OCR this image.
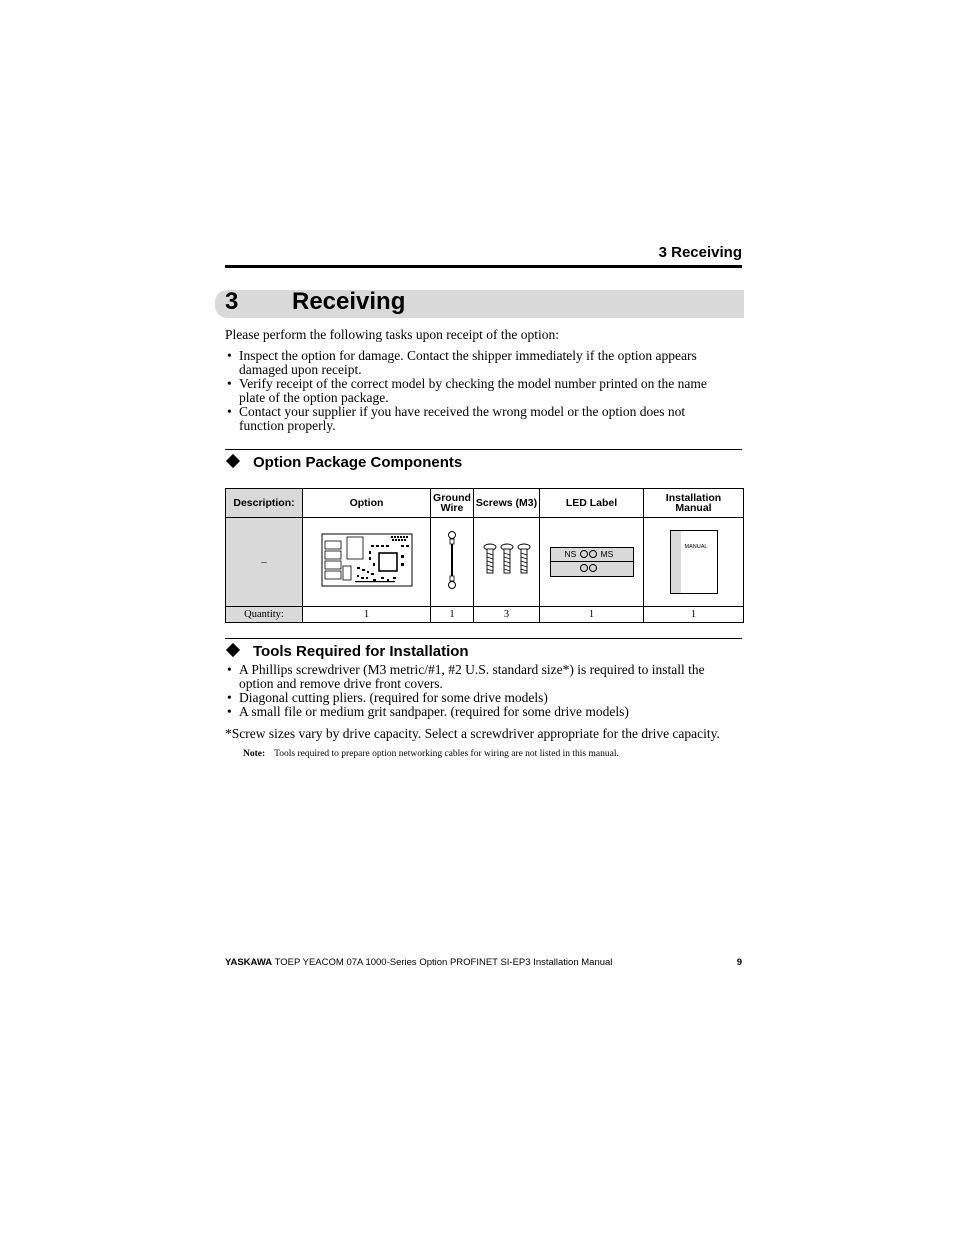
3 Receiving
3 Receiving
Please perform the following tasks upon receipt of the option:
• Inspect the option for damage. Contact the shipper immediately if the option appears damaged upon receipt.
• Verify receipt of the correct model by checking the model number printed on the name plate of the option package.
• Contact your supplier if you have received the wrong model or the option does not function properly.
Option Package Components
Description:	Option	Ground Wire	Screws (M3)	LED Label	Installation Manual
–				NS MS	MANUAL

Quantity:	1	1	3	1	1
Tools Required for Installation
• A Phillips screwdriver (M3 metric/#1, #2 U.S. standard size*) is required to install the option and remove drive front covers.
• Diagonal cutting pliers. (required for some drive models)
• A small file or medium grit sandpaper. (required for some drive models)
*Screw sizes vary by drive capacity. Select a screwdriver appropriate for the drive capacity.
Note: Tools required to prepare option networking cables for wiring are not listed in this manual.
YASKAWA TOEP YEACOM 07A 1000-Series Option PROFINET SI-EP3 Installation Manual	9
